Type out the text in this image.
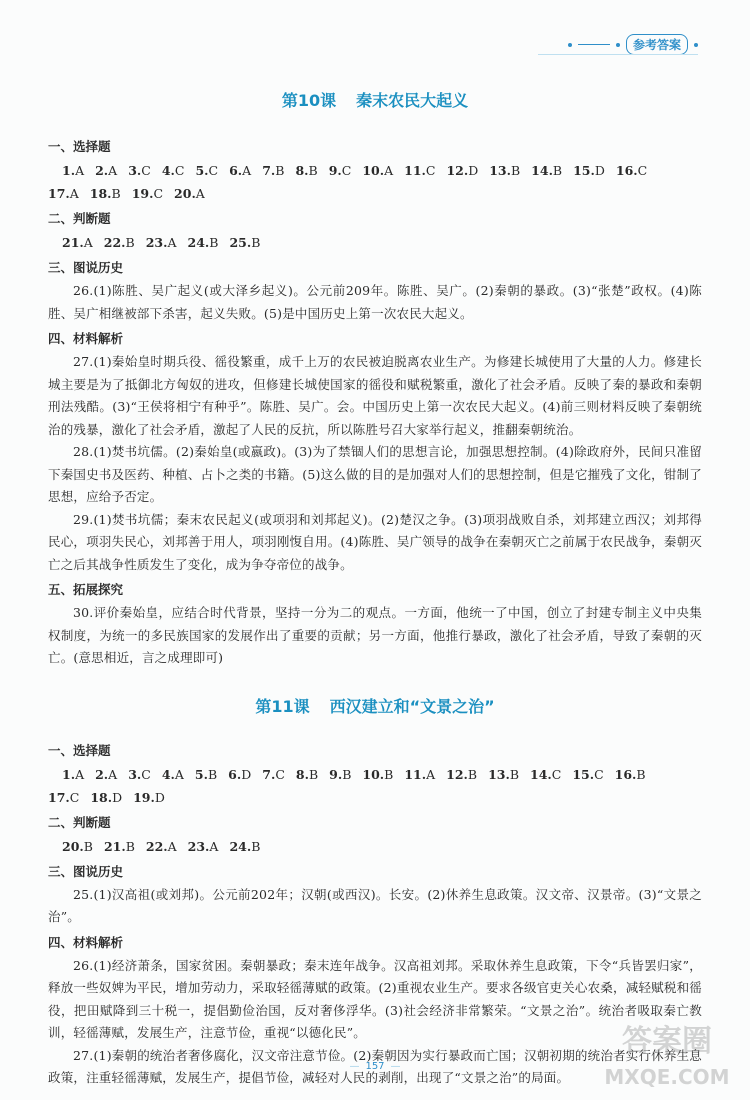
参考答案
第10课 秦末农民大起义
一、选择题
1.A 2.A 3.C 4.C 5.C 6.A 7.B 8.B 9.C 10.A 11.C 12.D 13.B 14.B 15.D 16.C
17.A 18.B 19.C 20.A
二、判断题
21.A 22.B 23.A 24.B 25.B
三、图说历史

26.(1)陈胜、吴广起义(或大泽乡起义)。公元前209年。陈胜、吴广。(2)秦朝的暴政。(3)“张楚”政权。(4)陈胜、吴广相继被部下杀害，起义失败。(5)是中国历史上第一次农民大起义。

四、材料解析

27.(1)秦始皇时期兵役、徭役繁重，成千上万的农民被迫脱离农业生产。为修建长城使用了大量的人力。修建长城主要是为了抵御北方匈奴的进攻，但修建长城使国家的徭役和赋税繁重，激化了社会矛盾。反映了秦的暴政和秦朝刑法残酷。(3)“王侯将相宁有种乎”。陈胜、吴广。会。中国历史上第一次农民大起义。(4)前三则材料反映了秦朝统治的残暴，激化了社会矛盾，激起了人民的反抗，所以陈胜号召大家举行起义，推翻秦朝统治。

28.(1)焚书坑儒。(2)秦始皇(或嬴政)。(3)为了禁锢人们的思想言论，加强思想控制。(4)除政府外，民间只准留下秦国史书及医药、种植、占卜之类的书籍。(5)这么做的目的是加强对人们的思想控制，但是它摧残了文化，钳制了思想，应给予否定。

29.(1)焚书坑儒；秦末农民起义(或项羽和刘邦起义)。(2)楚汉之争。(3)项羽战败自杀，刘邦建立西汉；刘邦得民心，项羽失民心，刘邦善于用人，项羽刚愎自用。(4)陈胜、吴广领导的战争在秦朝灭亡之前属于农民战争，秦朝灭亡之后其战争性质发生了变化，成为争夺帝位的战争。

五、拓展探究

30.评价秦始皇，应结合时代背景，坚持一分为二的观点。一方面，他统一了中国，创立了封建专制主义中央集权制度，为统一的多民族国家的发展作出了重要的贡献；另一方面，他推行暴政，激化了社会矛盾，导致了秦朝的灭亡。(意思相近，言之成理即可)

第11课 西汉建立和“文景之治”
一、选择题
1.A 2.A 3.C 4.A 5.B 6.D 7.C 8.B 9.B 10.B 11.A 12.B 13.B 14.C 15.C 16.B
17.C 18.D 19.D
二、判断题
20.B 21.B 22.A 23.A 24.B
三、图说历史

25.(1)汉高祖(或刘邦)。公元前202年；汉朝(或西汉)。长安。(2)休养生息政策。汉文帝、汉景帝。(3)“文景之治”。

四、材料解析

26.(1)经济萧条，国家贫困。秦朝暴政；秦末连年战争。汉高祖刘邦。采取休养生息政策，下令“兵皆罢归家”，释放一些奴婢为平民，增加劳动力，采取轻徭薄赋的政策。(2)重视农业生产。要求各级官吏关心农桑，减轻赋税和徭役，把田赋降到三十税一，提倡勤俭治国，反对奢侈浮华。(3)社会经济非常繁荣。“文景之治”。统治者吸取秦亡教训，轻徭薄赋，发展生产，注意节俭，重视“以德化民”。

27.(1)秦朝的统治者奢侈腐化，汉文帝注意节俭。(2)秦朝因为实行暴政而亡国；汉朝初期的统治者实行休养生息政策，注重轻徭薄赋，发展生产，提倡节俭，减轻对人民的剥削，出现了“文景之治”的局面。

— 157 —
答案圈
MXQE.COM
